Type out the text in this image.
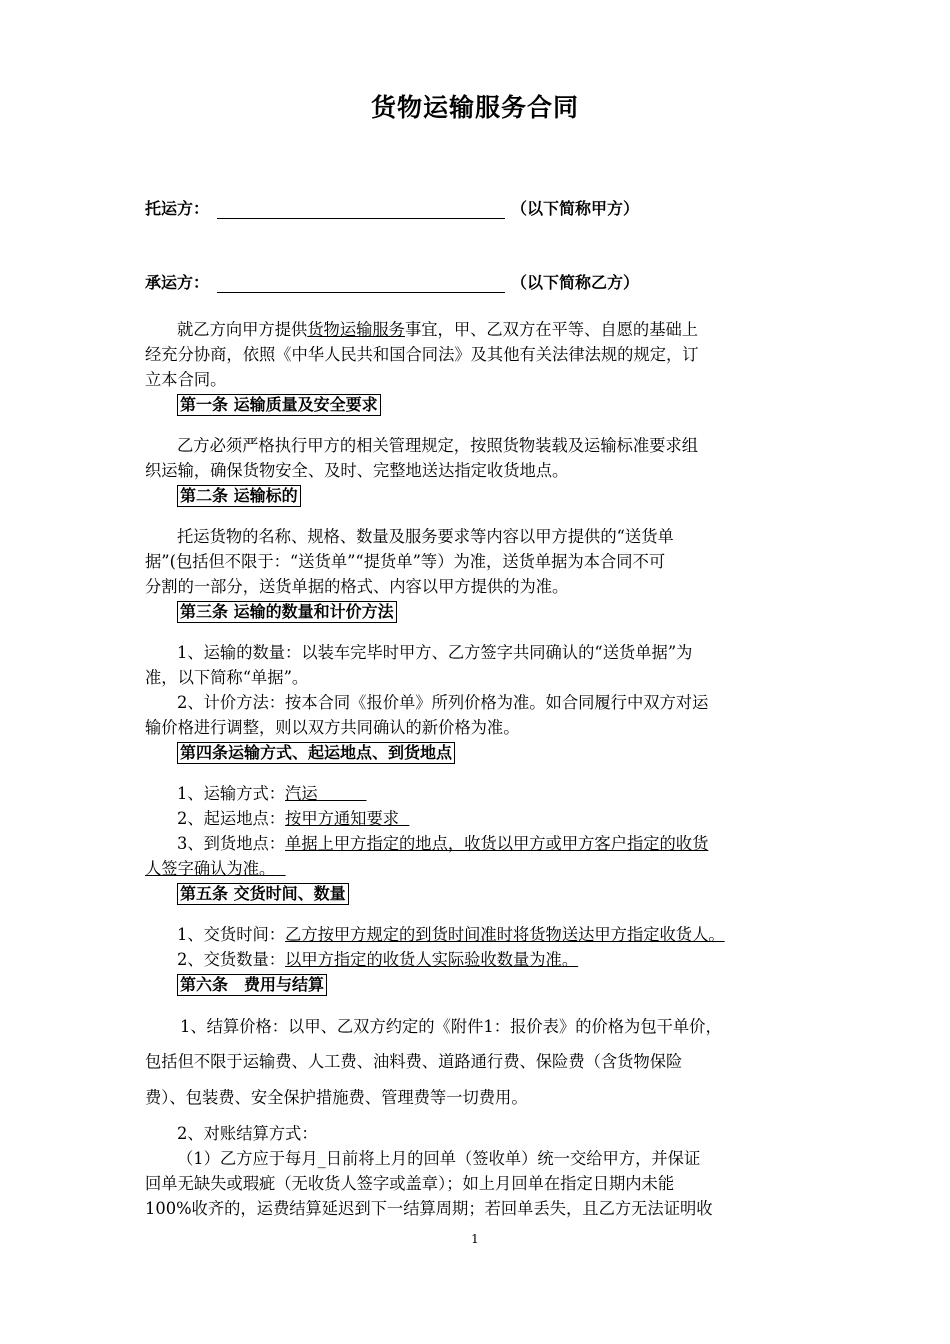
货物运输服务合同
托运方：	（以下简称甲方）
承运方：	（以下简称乙方）
就乙方向甲方提供货物运输服务事宜，甲、乙双方在平等、自愿的基础上
经充分协商，依照《中华人民共和国合同法》及其他有关法律法规的规定，订
立本合同。
第一条 运输质量及安全要求
乙方必须严格执行甲方的相关管理规定，按照货物装载及运输标准要求组
织运输，确保货物安全、及时、完整地送达指定收货地点。
第二条 运输标的
托运货物的名称、规格、数量及服务要求等内容以甲方提供的“送货单
据”(包括但不限于：“送货单”“提货单”等）为准，送货单据为本合同不可
分割的一部分，送货单据的格式、内容以甲方提供的为准。
第三条 运输的数量和计价方法
1、运输的数量：以装车完毕时甲方、乙方签字共同确认的“送货单据”为
准，以下简称“单据”。
2、计价方法：按本合同《报价单》所列价格为准。如合同履行中双方对运
输价格进行调整，则以双方共同确认的新价格为准。
第四条运输方式、起运地点、到货地点
1、运输方式：汽运　　　
2、起运地点：按甲方通知要求
3、到货地点：单据上甲方指定的地点，收货以甲方或甲方客户指定的收货
人签字确认为准。
第五条 交货时间、数量
1、交货时间：乙方按甲方规定的到货时间准时将货物送达甲方指定收货人。
2、交货数量：以甲方指定的收货人实际验收数量为准。
第六条　费用与结算
1、结算价格：以甲、乙双方约定的《附件1：报价表》的价格为包干单价，
包括但不限于运输费、人工费、油料费、道路通行费、保险费（含货物保险
费）、包装费、安全保护措施费、管理费等一切费用。
2、对账结算方式：
（1）乙方应于每月_日前将上月的回单（签收单）统一交给甲方，并保证
回单无缺失或瑕疵（无收货人签字或盖章）；如上月回单在指定日期内未能
100%收齐的，运费结算延迟到下一结算周期；若回单丢失，且乙方无法证明收
1
